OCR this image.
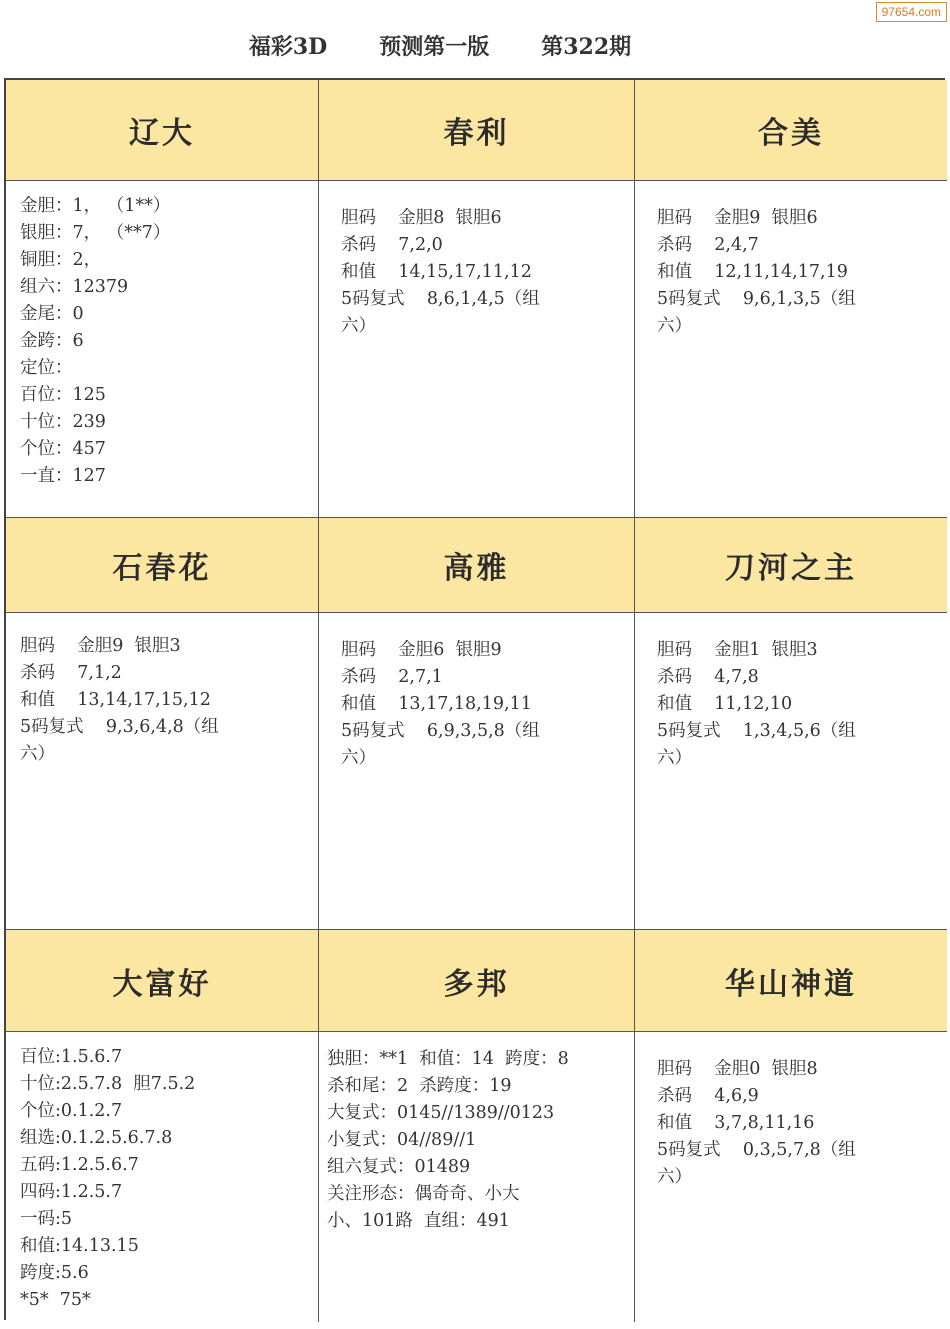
97654.com
福彩3D 预测第一版 第322期
辽大	春利	合美
金胆：1， （1**）
银胆：7， （**7）
铜胆：2，
组六：12379
金尾：0
金跨：6
定位：
百位：125
十位：239
个位：457
一直：127
胆码    金胆8  银胆6
杀码    7,2,0
和值    14,15,17,11,12
5码复式    8,6,1,4,5（组
六）
胆码    金胆9  银胆6
杀码    2,4,7
和值    12,11,14,17,19
5码复式    9,6,1,3,5（组
六）
石春花	高雅	刀河之主
胆码    金胆9  银胆3
杀码    7,1,2
和值    13,14,17,15,12
5码复式    9,3,6,4,8（组
六）
胆码    金胆6  银胆9
杀码    2,7,1
和值    13,17,18,19,11
5码复式    6,9,3,5,8（组
六）
胆码    金胆1  银胆3
杀码    4,7,8
和值    11,12,10
5码复式    1,3,4,5,6（组
六）
大富好	多邦	华山神道
百位:1.5.6.7
十位:2.5.7.8  胆7.5.2
个位:0.1.2.7
组选:0.1.2.5.6.7.8
五码:1.2.5.6.7
四码:1.2.5.7
一码:5
和值:14.13.15
跨度:5.6
*5*  75*
独胆：**1  和值：14  跨度：8
杀和尾：2  杀跨度：19
大复式：0145//1389//0123
小复式：04//89//1
组六复式：01489
关注形态：偶奇奇、小大
小、101路  直组：491
胆码    金胆0  银胆8
杀码    4,6,9
和值    3,7,8,11,16
5码复式    0,3,5,7,8（组
六）
